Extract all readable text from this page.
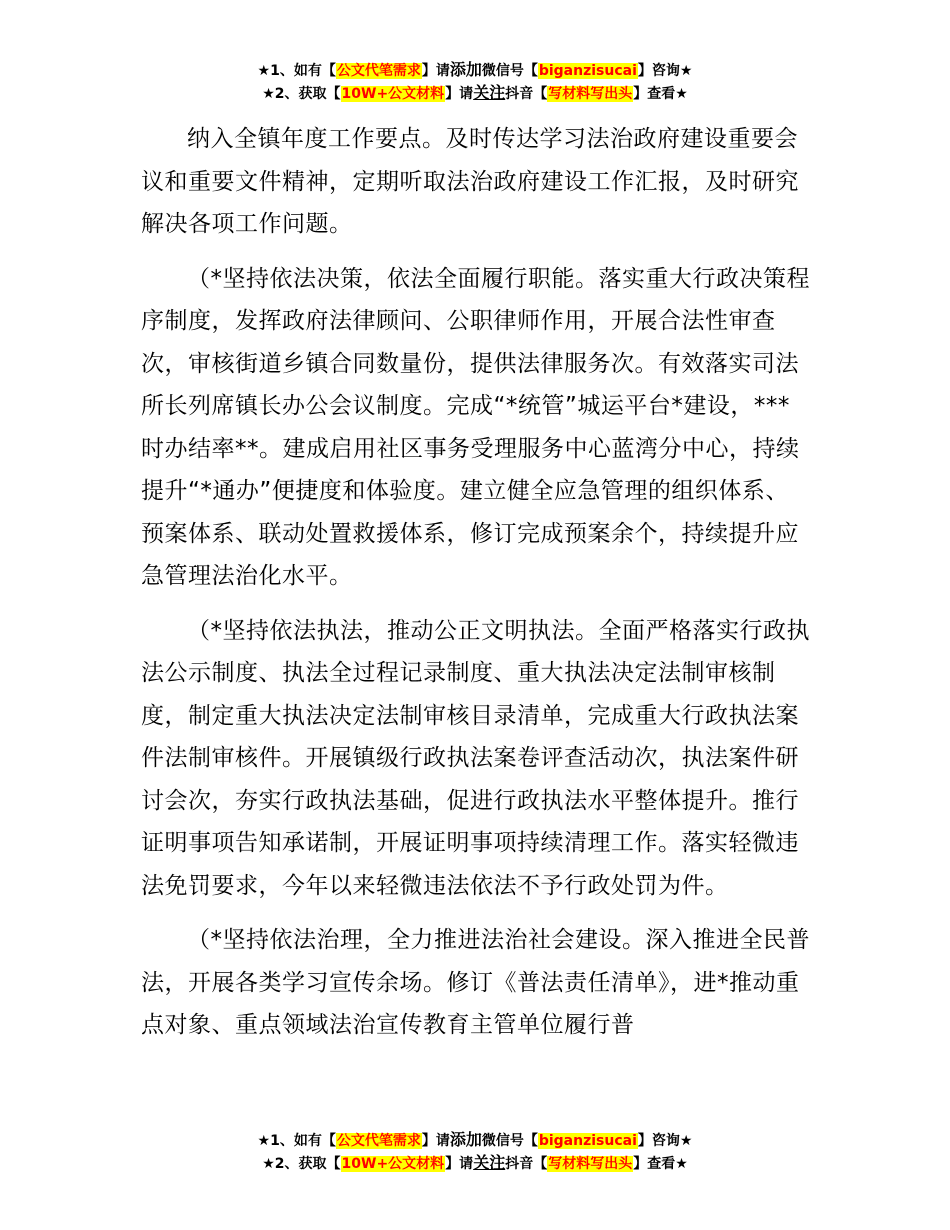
★1、如有【公文代笔需求】请添加微信号【biganzisucai】咨询★
★2、获取【10W+公文材料】请关注抖音【写材料写出头】查看★

纳入全镇年度工作要点。及时传达学习法治政府建设重要会议和重要文件精神，定期听取法治政府建设工作汇报，及时研究解决各项工作问题。

（*坚持依法决策，依法全面履行职能。落实重大行政决策程序制度，发挥政府法律顾问、公职律师作用，开展合法性审查次，审核街道乡镇合同数量份，提供法律服务次。有效落实司法所长列席镇长办公会议制度。完成“*统管”城运平台*建设，***时办结率**。建成启用社区事务受理服务中心蓝湾分中心，持续提升“*通办”便捷度和体验度。建立健全应急管理的组织体系、预案体系、联动处置救援体系，修订完成预案余个，持续提升应急管理法治化水平。

（*坚持依法执法，推动公正文明执法。全面严格落实行政执法公示制度、执法全过程记录制度、重大执法决定法制审核制度，制定重大执法决定法制审核目录清单，完成重大行政执法案件法制审核件。开展镇级行政执法案卷评查活动次，执法案件研讨会次，夯实行政执法基础，促进行政执法水平整体提升。推行证明事项告知承诺制，开展证明事项持续清理工作。落实轻微违法免罚要求，今年以来轻微违法依法不予行政处罚为件。

（*坚持依法治理，全力推进法治社会建设。深入推进全民普法，开展各类学习宣传余场。修订《普法责任清单》，进*推动重点对象、重点领域法治宣传教育主管单位履行普

★1、如有【公文代笔需求】请添加微信号【biganzisucai】咨询★
★2、获取【10W+公文材料】请关注抖音【写材料写出头】查看★
